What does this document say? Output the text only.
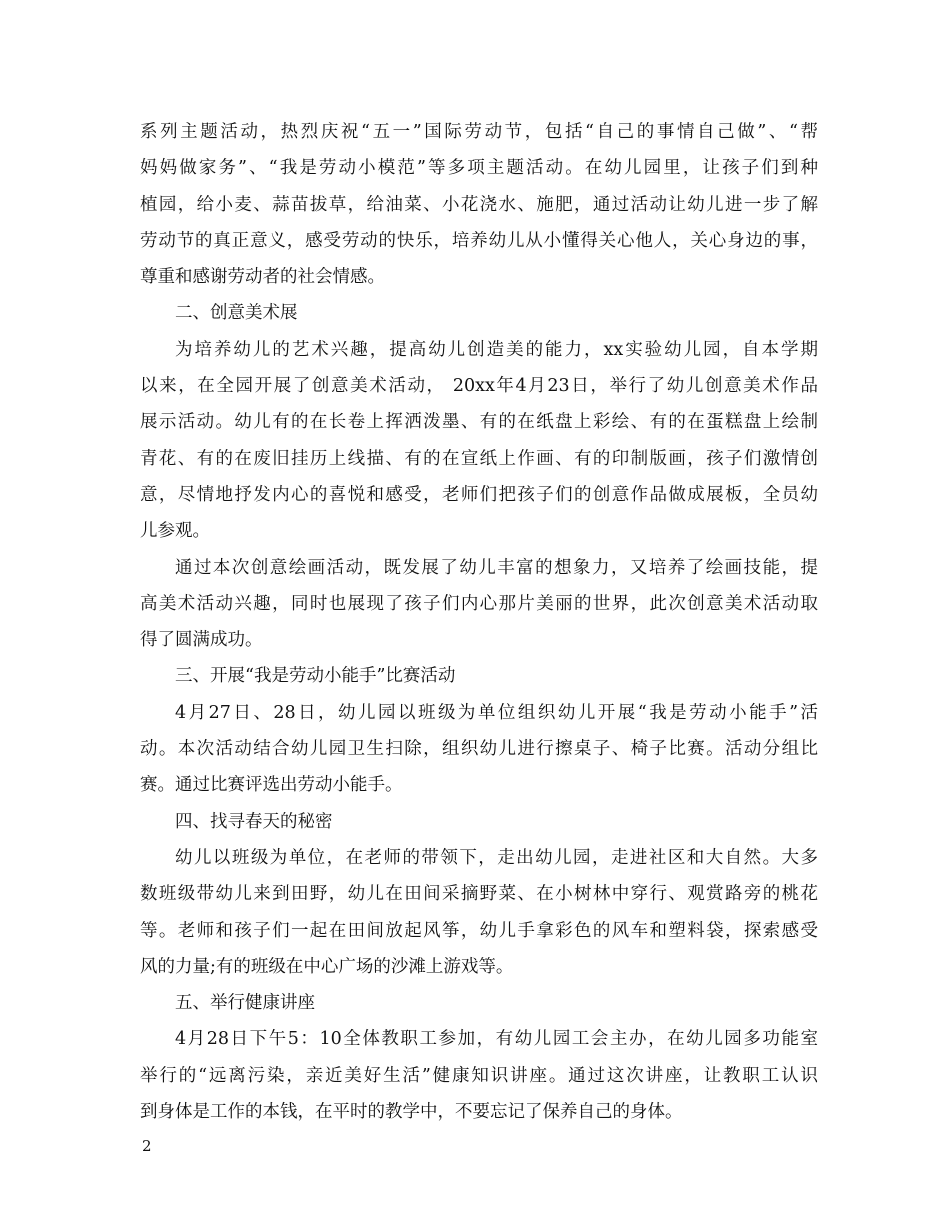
系列主题活动，热烈庆祝“五一”国际劳动节，包括“自己的事情自己做”、“帮
妈妈做家务”、“我是劳动小模范”等多项主题活动。在幼儿园里，让孩子们到种
植园，给小麦、蒜苗拔草，给油菜、小花浇水、施肥，通过活动让幼儿进一步了解
劳动节的真正意义，感受劳动的快乐，培养幼儿从小懂得关心他人，关心身边的事，
尊重和感谢劳动者的社会情感。
二、创意美术展
为培养幼儿的艺术兴趣，提高幼儿创造美的能力，xx实验幼儿园，自本学期
以来，在全园开展了创意美术活动， 20xx年4月23日，举行了幼儿创意美术作品
展示活动。幼儿有的在长卷上挥洒泼墨、有的在纸盘上彩绘、有的在蛋糕盘上绘制
青花、有的在废旧挂历上线描、有的在宣纸上作画、有的印制版画，孩子们激情创
意，尽情地抒发内心的喜悦和感受，老师们把孩子们的创意作品做成展板，全员幼
儿参观。
通过本次创意绘画活动，既发展了幼儿丰富的想象力，又培养了绘画技能，提
高美术活动兴趣，同时也展现了孩子们内心那片美丽的世界，此次创意美术活动取
得了圆满成功。
三、开展“我是劳动小能手”比赛活动
4月27日、28日，幼儿园以班级为单位组织幼儿开展“我是劳动小能手”活
动。本次活动结合幼儿园卫生扫除，组织幼儿进行擦桌子、椅子比赛。活动分组比
赛。通过比赛评选出劳动小能手。
四、找寻春天的秘密
幼儿以班级为单位，在老师的带领下，走出幼儿园，走进社区和大自然。大多
数班级带幼儿来到田野，幼儿在田间采摘野菜、在小树林中穿行、观赏路旁的桃花
等。老师和孩子们一起在田间放起风筝，幼儿手拿彩色的风车和塑料袋，探索感受
风的力量;有的班级在中心广场的沙滩上游戏等。
五、举行健康讲座
4月28日下午5：10全体教职工参加，有幼儿园工会主办，在幼儿园多功能室
举行的“远离污染，亲近美好生活”健康知识讲座。通过这次讲座，让教职工认识
到身体是工作的本钱，在平时的教学中，不要忘记了保养自己的身体。
2
